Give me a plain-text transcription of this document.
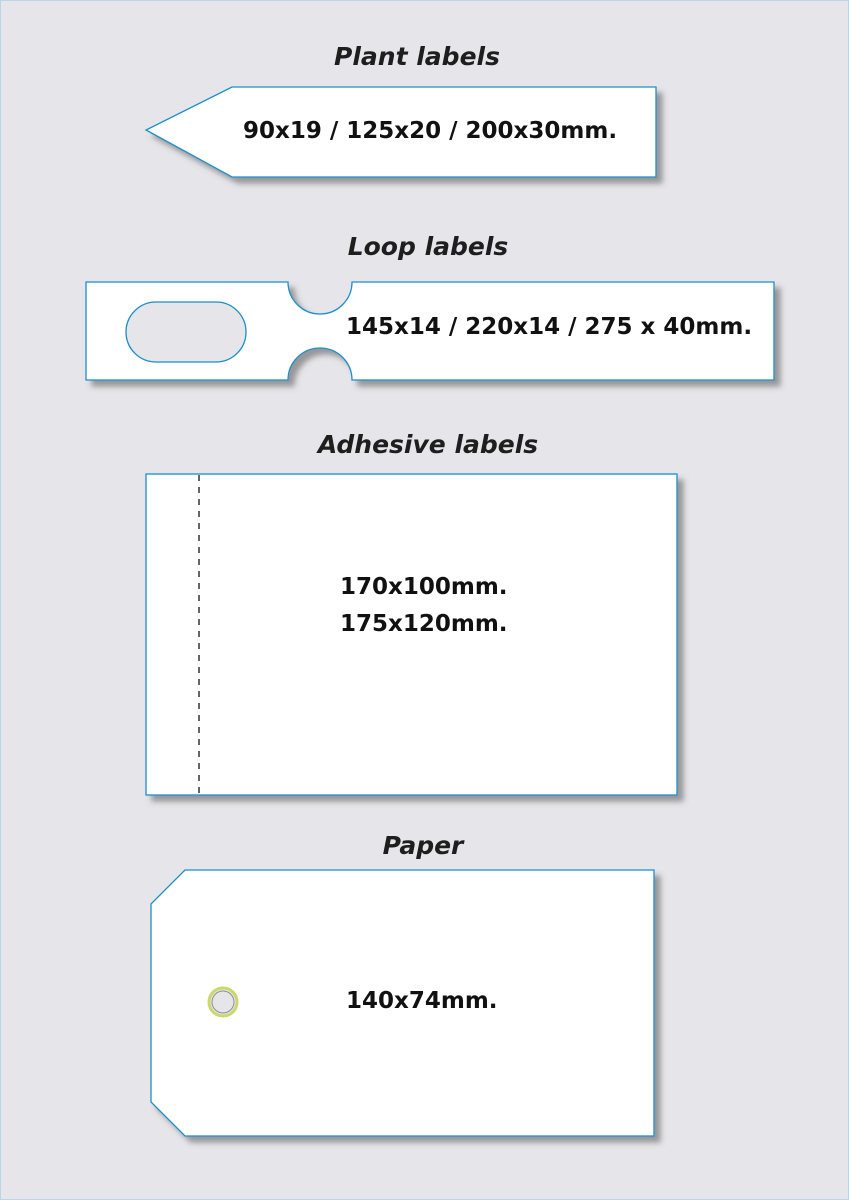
Plant labels

90x19 / 125x20 / 200x30mm.

Loop labels

145x14 / 220x14 / 275 x 40mm.

Adhesive labels

170x100mm.

175x120mm.

Paper

140x74mm.
